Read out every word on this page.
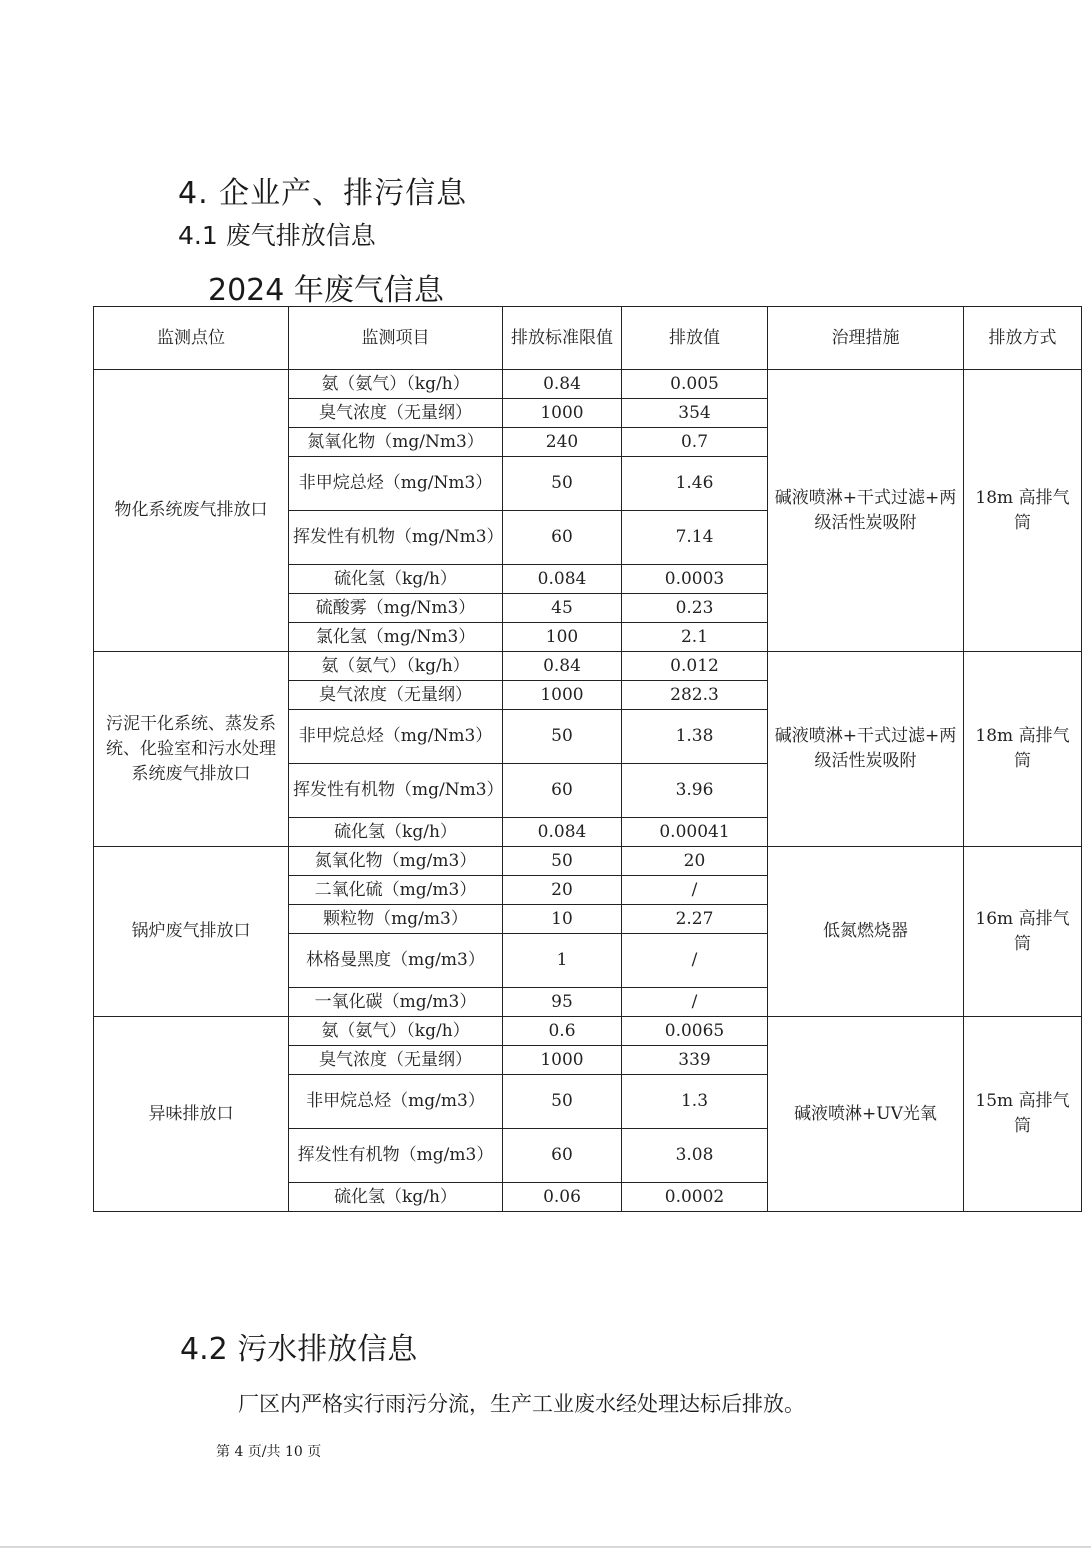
4. 企业产、排污信息
4.1 废气排放信息
2024 年废气信息
监测点位	监测项目	排放标准限值	排放值	治理措施	排放方式
物化系统废气排放口	氨（氨气）（kg/h）	0.84	0.005	碱液喷淋+干式过滤+两级活性炭吸附	18m 高排气筒
	臭气浓度（无量纲）	1000	354		
	氮氧化物（mg/Nm3）	240	0.7		
	非甲烷总烃（mg/Nm3）	50	1.46		
	挥发性有机物（mg/Nm3）	60	7.14		
	硫化氢（kg/h）	0.084	0.0003		
	硫酸雾（mg/Nm3）	45	0.23		
	氯化氢（mg/Nm3）	100	2.1		
污泥干化系统、蒸发系统、化验室和污水处理系统废气排放口	氨（氨气）（kg/h）	0.84	0.012	碱液喷淋+干式过滤+两级活性炭吸附	18m 高排气筒
	臭气浓度（无量纲）	1000	282.3		
	非甲烷总烃（mg/Nm3）	50	1.38		
	挥发性有机物（mg/Nm3）	60	3.96		
	硫化氢（kg/h）	0.084	0.00041		
锅炉废气排放口	氮氧化物（mg/m3）	50	20	低氮燃烧器	16m 高排气筒
	二氧化硫（mg/m3）	20	/		
	颗粒物（mg/m3）	10	2.27		
	林格曼黑度（mg/m3）	1	/		
	一氧化碳（mg/m3）	95	/		
异味排放口	氨（氨气）（kg/h）	0.6	0.0065	碱液喷淋+UV光氧	15m 高排气筒
	臭气浓度（无量纲）	1000	339		
	非甲烷总烃（mg/m3）	50	1.3		
	挥发性有机物（mg/m3）	60	3.08		
	硫化氢（kg/h）	0.06	0.0002		
4.2 污水排放信息

厂区内严格实行雨污分流，生产工业废水经处理达标后排放。

第 4 页/共 10 页
